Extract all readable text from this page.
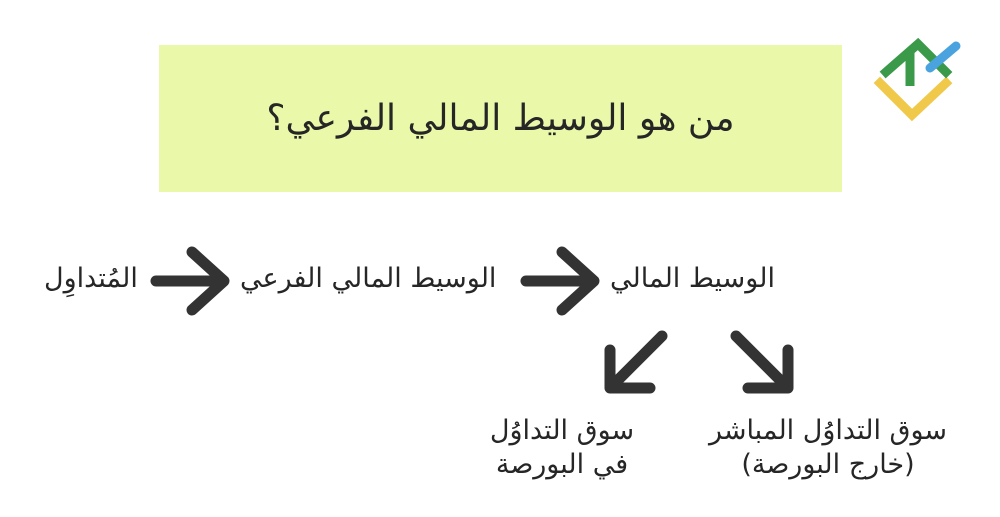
من هو الوسيط المالي الفرعي؟
الوسيط المالي
الوسيط المالي الفرعي
المُتداوِل
سوق التداوُل
في البورصة
سوق التداوُل المباشر
(خارج البورصة)
